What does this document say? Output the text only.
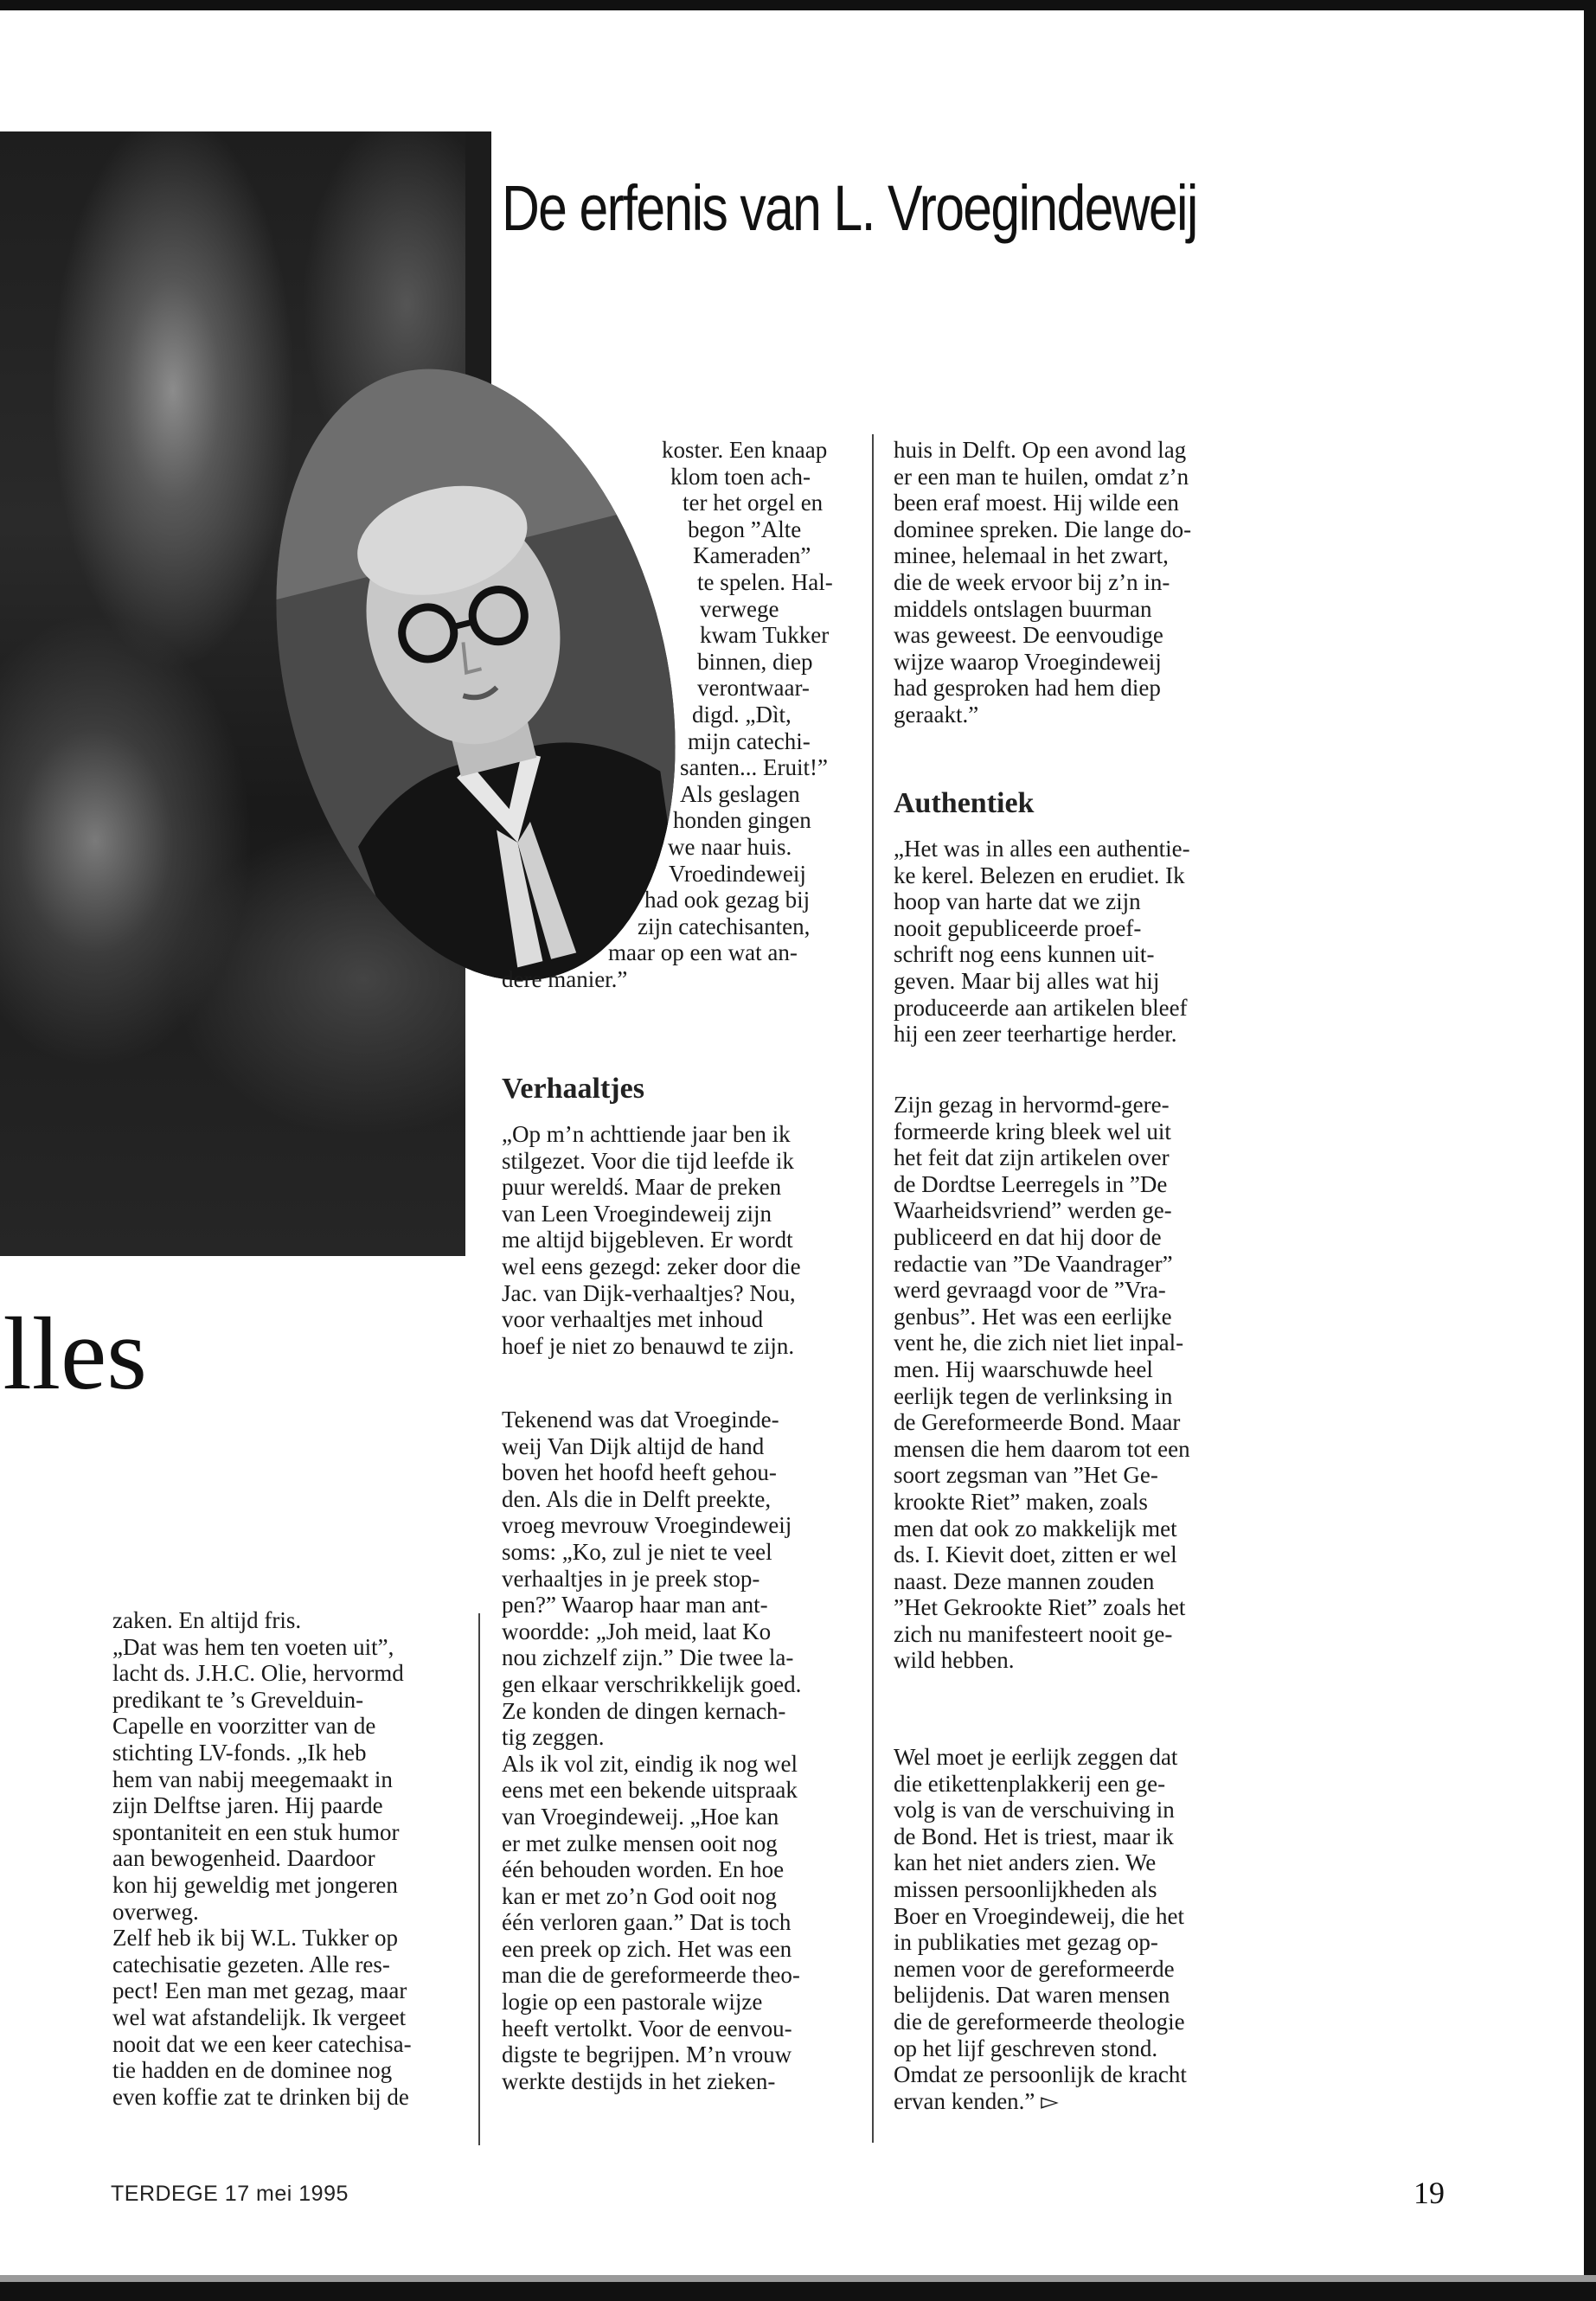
De erfenis van L. Vroegindeweij
lles
zaken. En altijd fris.
„Dat was hem ten voeten uit”,
lacht ds. J.H.C. Olie, hervormd
predikant te ’s Grevelduin-
Capelle en voorzitter van de
stichting LV-fonds. „Ik heb
hem van nabij meegemaakt in
zijn Delftse jaren. Hij paarde
spontaniteit en een stuk humor
aan bewogenheid. Daardoor
kon hij geweldig met jongeren
overweg.
Zelf heb ik bij W.L. Tukker op
catechisatie gezeten. Alle res-
pect! Een man met gezag, maar
wel wat afstandelijk. Ik vergeet
nooit dat we een keer catechisa-
tie hadden en de dominee nog
even koffie zat te drinken bij de
koster. Een knaap
klom toen ach-
ter het orgel en
begon ”Alte
Kameraden”
te spelen. Hal-
verwege
kwam Tukker
binnen, diep
verontwaar-
digd. „Dìt,
mijn catechi-
santen... Eruit!”
Als geslagen
honden gingen
we naar huis.
Vroedindeweij
had ook gezag bij
zijn catechisanten,
maar op een wat an-
dere manier.”
Verhaaltjes
„Op m’n achttiende jaar ben ik
stilgezet. Voor die tijd leefde ik
puur wereldś. Maar de preken
van Leen Vroegindeweij zijn
me altijd bijgebleven. Er wordt
wel eens gezegd: zeker door die
Jac. van Dijk-verhaaltjes? Nou,
voor verhaaltjes met inhoud
hoef je niet zo benauwd te zijn.
Tekenend was dat Vroeginde-
weij Van Dijk altijd de hand
boven het hoofd heeft gehou-
den. Als die in Delft preekte,
vroeg mevrouw Vroegindeweij
soms: „Ko, zul je niet te veel
verhaaltjes in je preek stop-
pen?” Waarop haar man ant-
woordde: „Joh meid, laat Ko
nou zichzelf zijn.” Die twee la-
gen elkaar verschrikkelijk goed.
Ze konden de dingen kernach-
tig zeggen.
Als ik vol zit, eindig ik nog wel
eens met een bekende uitspraak
van Vroegindeweij. „Hoe kan
er met zulke mensen ooit nog
één behouden worden. En hoe
kan er met zo’n God ooit nog
één verloren gaan.” Dat is toch
een preek op zich. Het was een
man die de gereformeerde theo-
logie op een pastorale wijze
heeft vertolkt. Voor de eenvou-
digste te begrijpen. M’n vrouw
werkte destijds in het zieken-
huis in Delft. Op een avond lag
er een man te huilen, omdat z’n
been eraf moest. Hij wilde een
dominee spreken. Die lange do-
minee, helemaal in het zwart,
die de week ervoor bij z’n in-
middels ontslagen buurman
was geweest. De eenvoudige
wijze waarop Vroegindeweij
had gesproken had hem diep
geraakt.”
Authentiek
„Het was in alles een authentie-
ke kerel. Belezen en erudiet. Ik
hoop van harte dat we zijn
nooit gepubliceerde proef-
schrift nog eens kunnen uit-
geven. Maar bij alles wat hij
produceerde aan artikelen bleef
hij een zeer teerhartige herder.
Zijn gezag in hervormd-gere-
formeerde kring bleek wel uit
het feit dat zijn artikelen over
de Dordtse Leerregels in ”De
Waarheidsvriend” werden ge-
publiceerd en dat hij door de
redactie van ”De Vaandrager”
werd gevraagd voor de ”Vra-
genbus”. Het was een eerlijke
vent he, die zich niet liet inpal-
men. Hij waarschuwde heel
eerlijk tegen de verlinksing in
de Gereformeerde Bond. Maar
mensen die hem daarom tot een
soort zegsman van ”Het Ge-
krookte Riet” maken, zoals
men dat ook zo makkelijk met
ds. I. Kievit doet, zitten er wel
naast. Deze mannen zouden
”Het Gekrookte Riet” zoals het
zich nu manifesteert nooit ge-
wild hebben.
Wel moet je eerlijk zeggen dat
die etikettenplakkerij een ge-
volg is van de verschuiving in
de Bond. Het is triest, maar ik
kan het niet anders zien. We
missen persoonlijkheden als
Boer en Vroegindeweij, die het
in publikaties met gezag op-
nemen voor de gereformeerde
belijdenis. Dat waren mensen
die de gereformeerde theologie
op het lijf geschreven stond.
Omdat ze persoonlijk de kracht
ervan kenden.” ▻
TERDEGE 17 mei 1995	19
